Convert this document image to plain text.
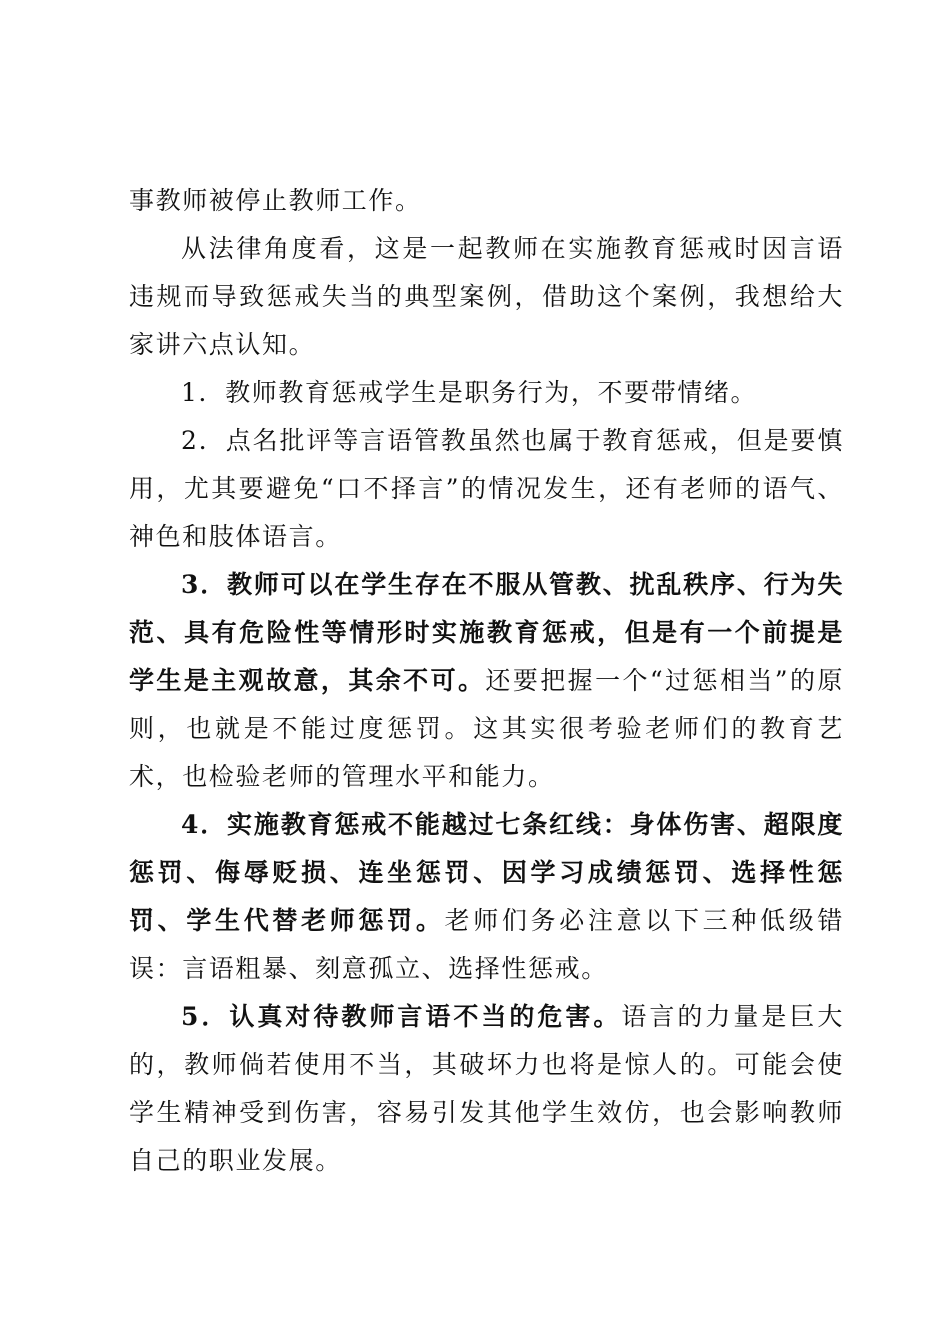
事教师被停止教师工作。

从法律角度看，这是一起教师在实施教育惩戒时因言语违规而导致惩戒失当的典型案例，借助这个案例，我想给大家讲六点认知。

1．教师教育惩戒学生是职务行为，不要带情绪。

2．点名批评等言语管教虽然也属于教育惩戒，但是要慎用，尤其要避免“口不择言”的情况发生，还有老师的语气、神色和肢体语言。

3．教师可以在学生存在不服从管教、扰乱秩序、行为失范、具有危险性等情形时实施教育惩戒，但是有一个前提是学生是主观故意，其余不可。还要把握一个“过惩相当”的原则，也就是不能过度惩罚。这其实很考验老师们的教育艺术，也检验老师的管理水平和能力。

4．实施教育惩戒不能越过七条红线：身体伤害、超限度惩罚、侮辱贬损、连坐惩罚、因学习成绩惩罚、选择性惩罚、学生代替老师惩罚。老师们务必注意以下三种低级错误：言语粗暴、刻意孤立、选择性惩戒。

5．认真对待教师言语不当的危害。语言的力量是巨大的，教师倘若使用不当，其破坏力也将是惊人的。可能会使学生精神受到伤害，容易引发其他学生效仿，也会影响教师自己的职业发展。
